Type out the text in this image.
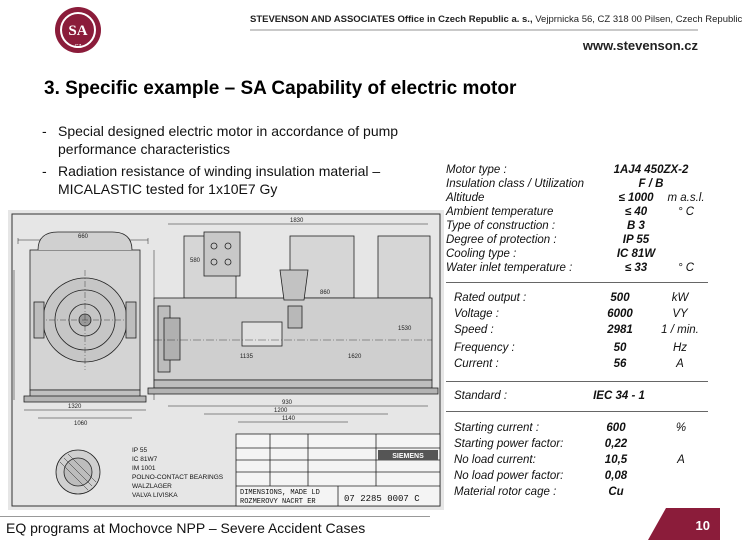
SA
CZ
STEVENSON AND ASSOCIATES Office in Czech Republic a. s., Vejprnicka 56, CZ 318 00 Pilsen, Czech Republic
www.stevenson.cz
3. Specific example – SA Capability of electric motor
- Special designed electric motor in accordance of pump performance characteristics
- Radiation resistance of winding insulation material – MICALASTIC tested for 1x10E7 Gy
660
1320
1060
1830
930
1200
1140
580
860
1530
1135	1620
IP 55
IC 81W7
IM 1001
POLNO-CONTACT BEARINGS
WALZLAGER
VALVA LIVISKA
SIEMENS
DIMENSIONS, MADE LD
ROZMEROVY NACRT ER	07 2285 0007 C
Motor type :	1AJ4 450ZX-2
Insulation class / Utilization	F / B
Altitude	≤ 1000	m a.s.l.
Ambient temperature	≤ 40	° C
Type of construction :	B 3
Degree of protection :	IP 55
Cooling type :	IC 81W
Water inlet temperature :	≤ 33	° C
Rated output :	500	kW
Voltage :	6000	VY
Speed :	2981	1 / min.
Frequency :	50	Hz
Current :	56	A
Standard :	IEC 34 - 1
Starting current :	600	%
Starting power factor:	0,22
No load current:	10,5	A
No load power factor:	0,08
Material rotor cage :	Cu
EQ programs at Mochovce NPP – Severe Accident Cases	10
